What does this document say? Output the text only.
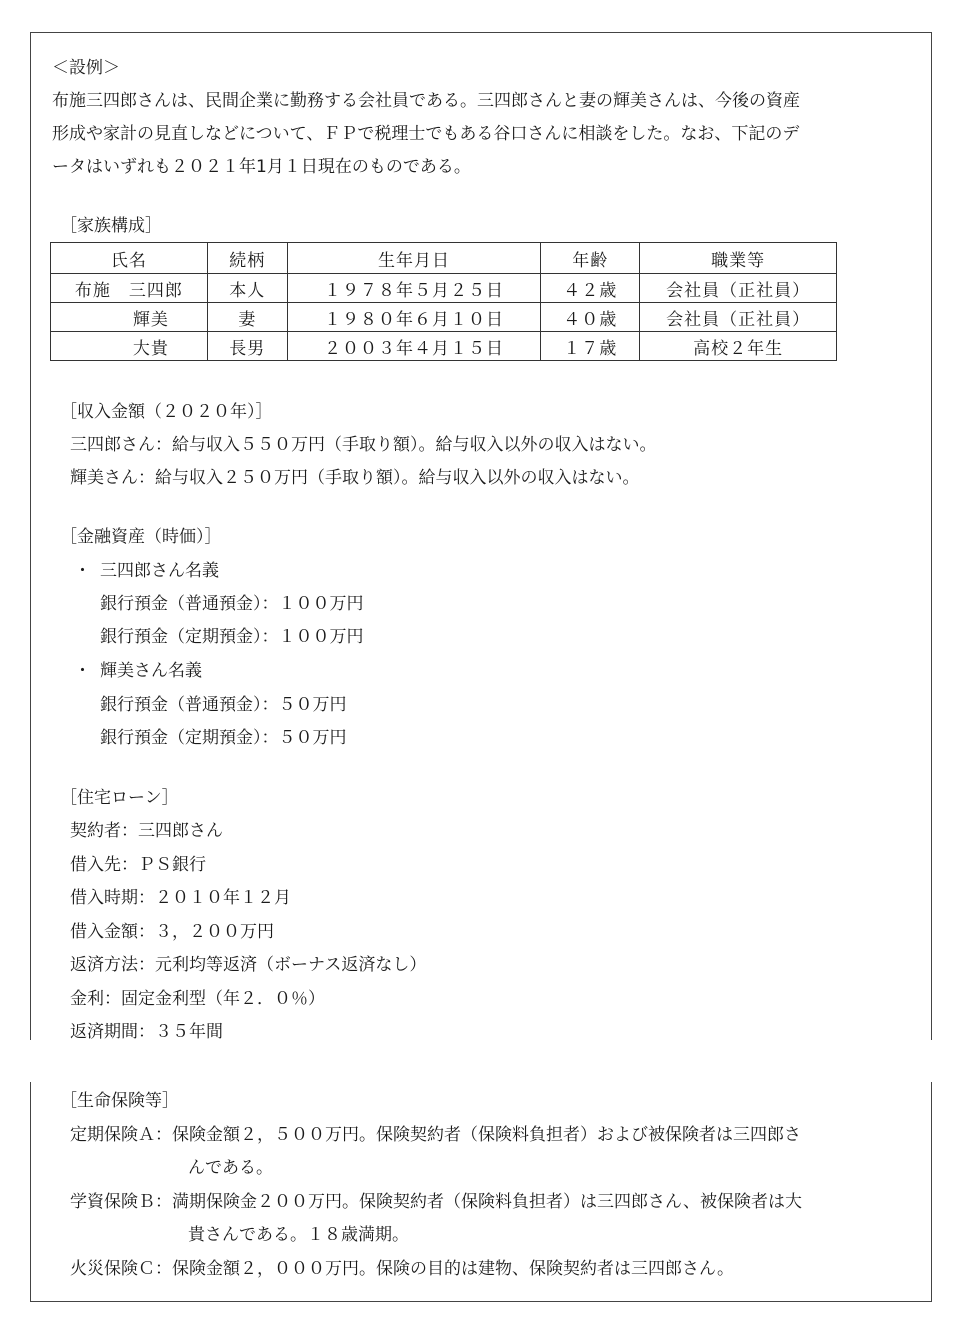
＜設例＞
布施三四郎さんは、民間企業に勤務する会社員である。三四郎さんと妻の輝美さんは、今後の資産
形成や家計の見直しなどについて、ＦＰで税理士でもある谷口さんに相談をした。なお、下記のデ
ータはいずれも２０２１年1月１日現在のものである。
［家族構成］
氏名	続柄	生年月日	年齢	職業等
布施　三四郎	本人	１９７８年５月２５日	４２歳	会社員（正社員）
輝美	妻	１９８０年６月１０日	４０歳	会社員（正社員）
大貴	長男	２００３年４月１５日	１７歳	高校２年生
［収入金額（２０２０年）］
三四郎さん：給与収入５５０万円（手取り額）。給与収入以外の収入はない。
輝美さん：給与収入２５０万円（手取り額）。給与収入以外の収入はない。
［金融資産（時価）］
・ 三四郎さん名義
銀行預金（普通預金）：１００万円
銀行預金（定期預金）：１００万円
・ 輝美さん名義
銀行預金（普通預金）：５０万円
銀行預金（定期預金）：５０万円
［住宅ローン］
契約者：三四郎さん
借入先：ＰＳ銀行
借入時期：２０１０年１２月
借入金額：３，２００万円
返済方法：元利均等返済（ボーナス返済なし）
金利：固定金利型（年２．０％）
返済期間：３５年間
［生命保険等］
定期保険Ａ：保険金額２，５００万円。保険契約者（保険料負担者）および被保険者は三四郎さ
んである。
学資保険Ｂ：満期保険金２００万円。保険契約者（保険料負担者）は三四郎さん、被保険者は大
貴さんである。１８歳満期。
火災保険Ｃ：保険金額２，０００万円。保険の目的は建物、保険契約者は三四郎さん。
